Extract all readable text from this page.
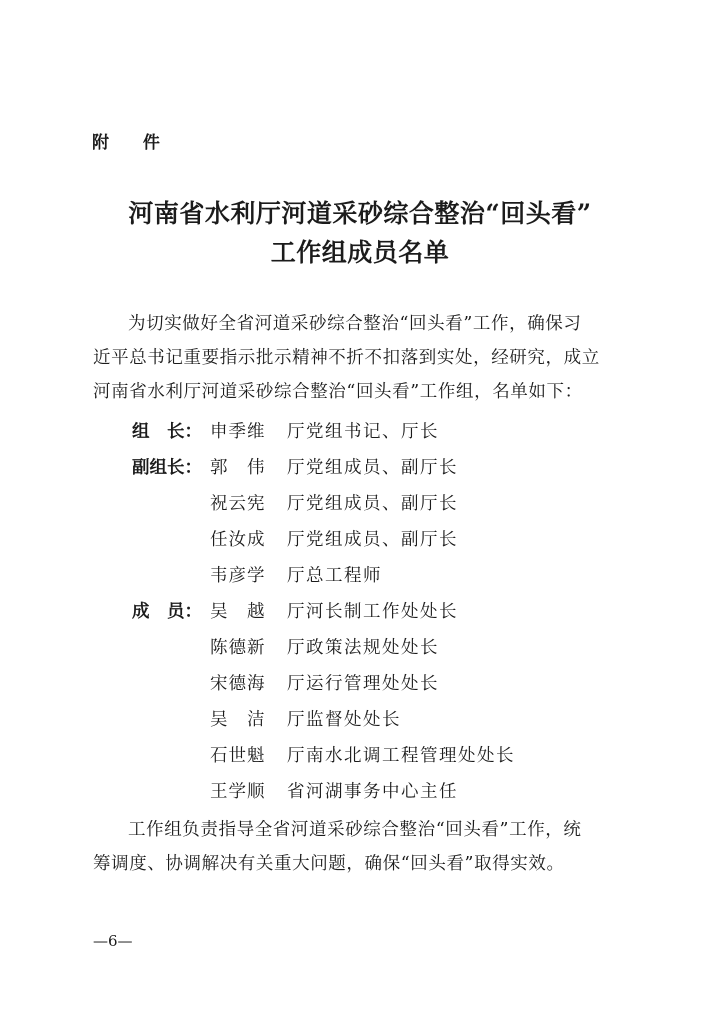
附 件
河南省水利厅河道采砂综合整治“回头看”
工作组成员名单
为切实做好全省河道采砂综合整治“回头看”工作，确保习
近平总书记重要指示批示精神不折不扣落到实处，经研究，成立
河南省水利厅河道采砂综合整治“回头看”工作组，名单如下：
组　长： 申季维	厅党组书记、厅长
副组长： 郭　伟	厅党组成员、副厅长
祝云宪	厅党组成员、副厅长
任汝成	厅党组成员、副厅长
韦彦学	厅总工程师
成　员： 吴　越	厅河长制工作处处长
陈德新	厅政策法规处处长
宋德海	厅运行管理处处长
吴　洁	厅监督处处长
石世魁	厅南水北调工程管理处处长
王学顺	省河湖事务中心主任
工作组负责指导全省河道采砂综合整治“回头看”工作，统
筹调度、协调解决有关重大问题，确保“回头看”取得实效。
—6—
